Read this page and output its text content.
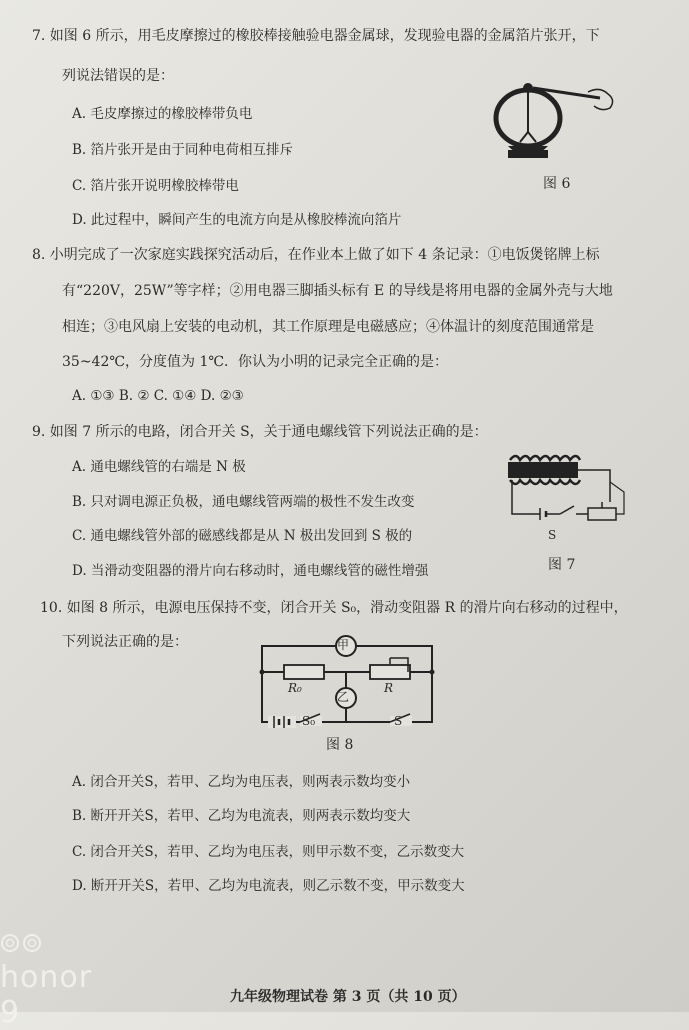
7. 如图 6 所示，用毛皮摩擦过的橡胶棒接触验电器金属球，发现验电器的金属箔片张开，下
列说法错误的是：
A. 毛皮摩擦过的橡胶棒带负电
B. 箔片张开是由于同种电荷相互排斥
C. 箔片张开说明橡胶棒带电
D. 此过程中，瞬间产生的电流方向是从橡胶棒流向箔片
图 6
8. 小明完成了一次家庭实践探究活动后，在作业本上做了如下 4 条记录：①电饭煲铭牌上标
有“220V，25W”等字样；②用电器三脚插头标有 E 的导线是将用电器的金属外壳与大地
相连；③电风扇上安装的电动机，其工作原理是电磁感应；④体温计的刻度范围通常是
35~42℃，分度值为 1℃．你认为小明的记录完全正确的是：
A. ①③ B. ② C. ①④ D. ②③
9. 如图 7 所示的电路，闭合开关 S，关于通电螺线管下列说法正确的是：
A. 通电螺线管的右端是 N 极
B. 只对调电源正负极，通电螺线管两端的极性不发生改变
C. 通电螺线管外部的磁感线都是从 N 极出发回到 S 极的
D. 当滑动变阻器的滑片向右移动时，通电螺线管的磁性增强
S
图 7
10. 如图 8 所示，电源电压保持不变，闭合开关 S₀，滑动变阻器 R 的滑片向右移动的过程中，
下列说法正确的是：	甲
乙
R₀	R
S₀	S
图 8
A. 闭合开关S，若甲、乙均为电压表，则两表示数均变小
B. 断开开关S，若甲、乙均为电流表，则两表示数均变大
C. 闭合开关S，若甲、乙均为电压表，则甲示数不变，乙示数变大
D. 断开开关S，若甲、乙均为电流表，则乙示数不变，甲示数变大
honor 9	九年级物理试卷 第 3 页（共 10 页）
